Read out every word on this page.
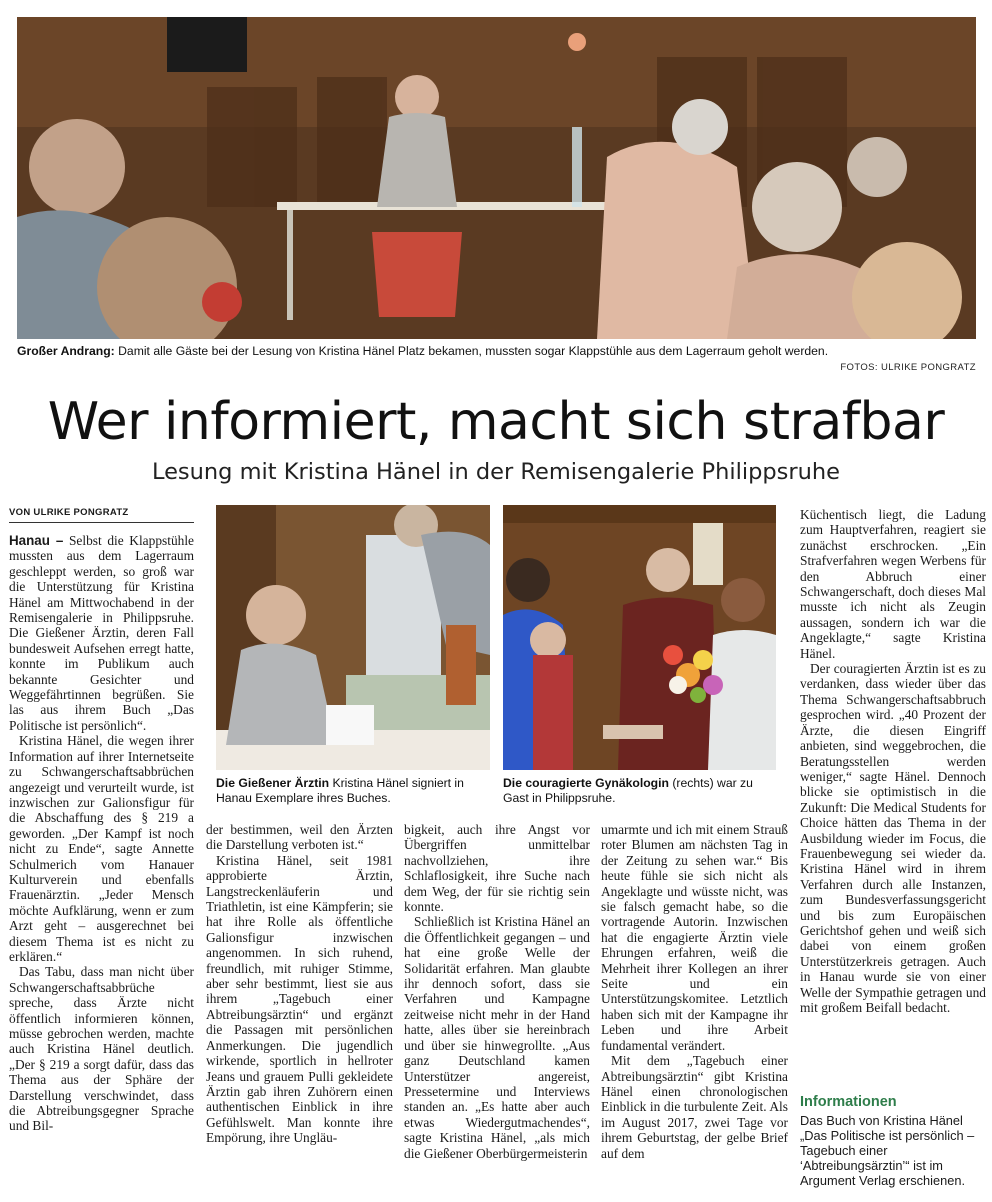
Großer Andrang: Damit alle Gäste bei der Lesung von Kristina Hänel Platz bekamen, mussten sogar Klappstühle aus dem Lagerraum geholt werden.
FOTOS: ULRIKE PONGRATZ
Wer informiert, macht sich strafbar
Lesung mit Kristina Hänel in der Remisengalerie Philippsruhe
VON ULRIKE PONGRATZ
Die Gießener Ärztin Kristina Hänel signiert in Hanau Exemplare ihres Buches.
Die couragierte Gynäkologin (rechts) war zu Gast in Philippsruhe.

Hanau – Selbst die Klappstühle mussten aus dem Lagerraum geschleppt werden, so groß war die Unterstützung für Kristina Hänel am Mittwochabend in der Remisengalerie in Philippsruhe. Die Gießener Ärztin, deren Fall bundesweit Aufsehen erregt hatte, konnte im Publikum auch bekannte Gesichter und Weggefährtinnen begrüßen. Sie las aus ihrem Buch „Das Politische ist persönlich“.

Kristina Hänel, die wegen ihrer Information auf ihrer Internetseite zu Schwangerschaftsabbrüchen angezeigt und verurteilt wurde, ist inzwischen zur Galionsfigur für die Abschaffung des § 219 a geworden. „Der Kampf ist noch nicht zu Ende“, sagte Annette Schulmerich vom Hanauer Kulturverein und ebenfalls Frauenärztin. „Jeder Mensch möchte Aufklärung, wenn er zum Arzt geht – ausgerechnet bei diesem Thema ist es nicht zu erklären.“

Das Tabu, dass man nicht über Schwangerschaftsabbrüche spreche, dass Ärzte nicht öffentlich informieren können, müsse gebrochen werden, machte auch Kristina Hänel deutlich. „Der § 219 a sorgt dafür, dass das Thema aus der Sphäre der Darstellung verschwindet, dass die Abtreibungsgegner Sprache und Bil-

der bestimmen, weil den Ärzten die Darstellung verboten ist.“

Kristina Hänel, seit 1981 approbierte Ärztin, Langstreckenläuferin und Triathletin, ist eine Kämpferin; sie hat ihre Rolle als öffentliche Galionsfigur inzwischen angenommen. In sich ruhend, freundlich, mit ruhiger Stimme, aber sehr bestimmt, liest sie aus ihrem „Tagebuch einer Abtreibungsärztin“ und ergänzt die Passagen mit persönlichen Anmerkungen. Die jugendlich wirkende, sportlich in hellroter Jeans und grauem Pulli gekleidete Ärztin gab ihren Zuhörern einen authentischen Einblick in ihre Gefühlswelt. Man konnte ihre Empörung, ihre Ungläu-

bigkeit, auch ihre Angst vor Übergriffen unmittelbar nachvollziehen, ihre Schlaflosigkeit, ihre Suche nach dem Weg, der für sie richtig sein konnte.

Schließlich ist Kristina Hänel an die Öffentlichkeit gegangen – und hat eine große Welle der Solidarität erfahren. Man glaubte ihr dennoch sofort, dass sie Verfahren und Kampagne zeitweise nicht mehr in der Hand hatte, alles über sie hereinbrach und über sie hinwegrollte. „Aus ganz Deutschland kamen Unterstützer angereist, Pressetermine und Interviews standen an. „Es hatte aber auch etwas Wiedergutmachendes“, sagte Kristina Hänel, „als mich die Gießener Oberbürgermeisterin

umarmte und ich mit einem Strauß roter Blumen am nächsten Tag in der Zeitung zu sehen war.“ Bis heute fühle sie sich nicht als Angeklagte und wüsste nicht, was sie falsch gemacht habe, so die vortragende Autorin. Inzwischen hat die engagierte Ärztin viele Ehrungen erfahren, weiß die Mehrheit ihrer Kollegen an ihrer Seite und ein Unterstützungskomitee. Letztlich haben sich mit der Kampagne ihr Leben und ihre Arbeit fundamental verändert.

Mit dem „Tagebuch einer Abtreibungsärztin“ gibt Kristina Hänel einen chronologischen Einblick in die turbulente Zeit. Als im August 2017, zwei Tage vor ihrem Geburtstag, der gelbe Brief auf dem

Küchentisch liegt, die Ladung zum Hauptverfahren, reagiert sie zunächst erschrocken. „Ein Strafverfahren wegen Werbens für den Abbruch einer Schwangerschaft, doch dieses Mal musste ich nicht als Zeugin aussagen, sondern ich war die Angeklagte,“ sagte Kristina Hänel.

Der couragierten Ärztin ist es zu verdanken, dass wieder über das Thema Schwangerschaftsabbruch gesprochen wird. „40 Prozent der Ärzte, die diesen Eingriff anbieten, sind weggebrochen, die Beratungsstellen werden weniger,“ sagte Hänel. Dennoch blicke sie optimistisch in die Zukunft: Die Medical Students for Choice hätten das Thema in der Ausbildung wieder im Focus, die Frauenbewegung sei wieder da. Kristina Hänel wird in ihrem Verfahren durch alle Instanzen, zum Bundesverfassungsgericht und bis zum Europäischen Gerichtshof gehen und weiß sich dabei von einem großen Unterstützerkreis getragen. Auch in Hanau wurde sie von einer Welle der Sympathie getragen und mit großem Beifall bedacht.

Informationen
Das Buch von Kristina Hänel „Das Politische ist persönlich – Tagebuch einer ‘Abtreibungsärztin’“ ist im Argument Verlag erschienen.
